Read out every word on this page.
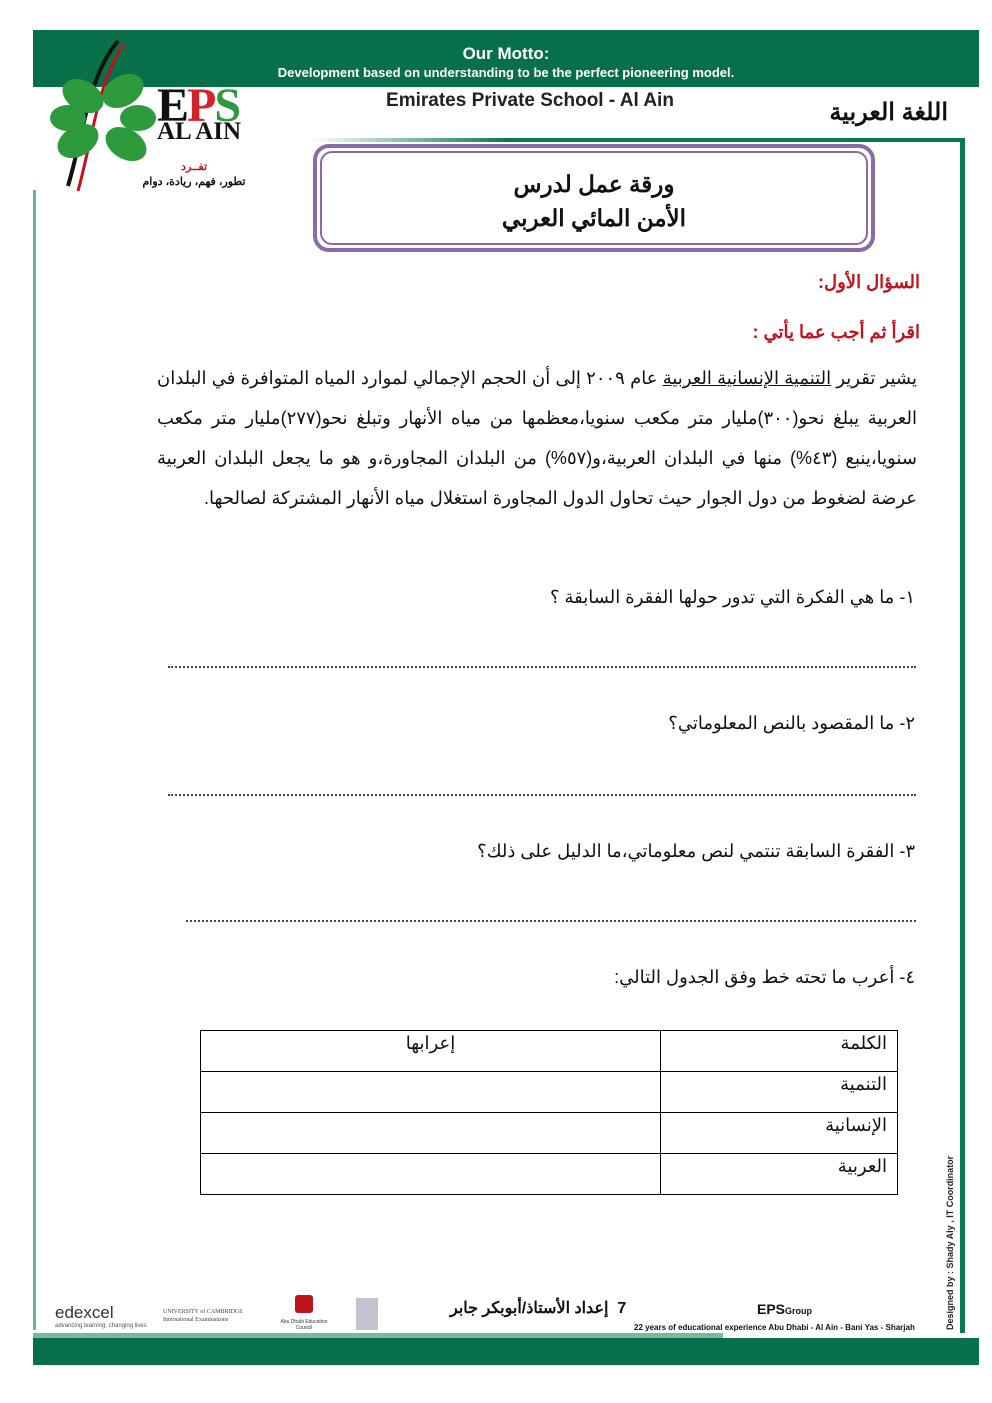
Our Motto:
Development based on understanding to be the perfect pioneering model.
EPS
AL AIN
تفــرد
تطور، فهم، ريادة، دوام
Emirates Private School - Al Ain	اللغة العربية
ورقة عمل لدرس
الأمن المائي العربي
السؤال الأول:
اقرأ ثم أجب عما يأتي :
يشير تقرير التنمية الإنسانية العربية عام ٢٠٠٩ إلى أن الحجم الإجمالي لموارد المياه المتوافرة في البلدان العربية يبلغ نحو(٣٠٠)مليار متر مكعب سنويا،معظمها من مياه الأنهار وتبلغ نحو(٢٧٧)مليار متر مكعب سنويا،ينبع (٤٣%) منها في البلدان العربية،و(٥٧%) من البلدان المجاورة،و هو ما يجعل البلدان العربية عرضة لضغوط من دول الجوار حيث تحاول الدول المجاورة استغلال مياه الأنهار المشتركة لصالحها.
١- ما هي الفكرة التي تدور حولها الفقرة السابقة ؟
٢- ما المقصود بالنص المعلوماتي؟
٣- الفقرة السابقة تنتمي لنص معلوماتي،ما الدليل على ذلك؟
٤- أعرب ما تحته خط وفق الجدول التالي:
الكلمة	إعرابها
التنمية	
الإنسانية	
العربية		Designed by : Shady Aly , IT Coordinator
edexcel
advancing learning, changing lives
UNIVERSITY of CAMBRIDGE International Examinations	Abu Dhabi Education Council
7  إعداد الأستاذ/أبوبكر جابر	EPSGroup
22 years of educational experience Abu Dhabi - Al Ain - Bani Yas - Sharjah
